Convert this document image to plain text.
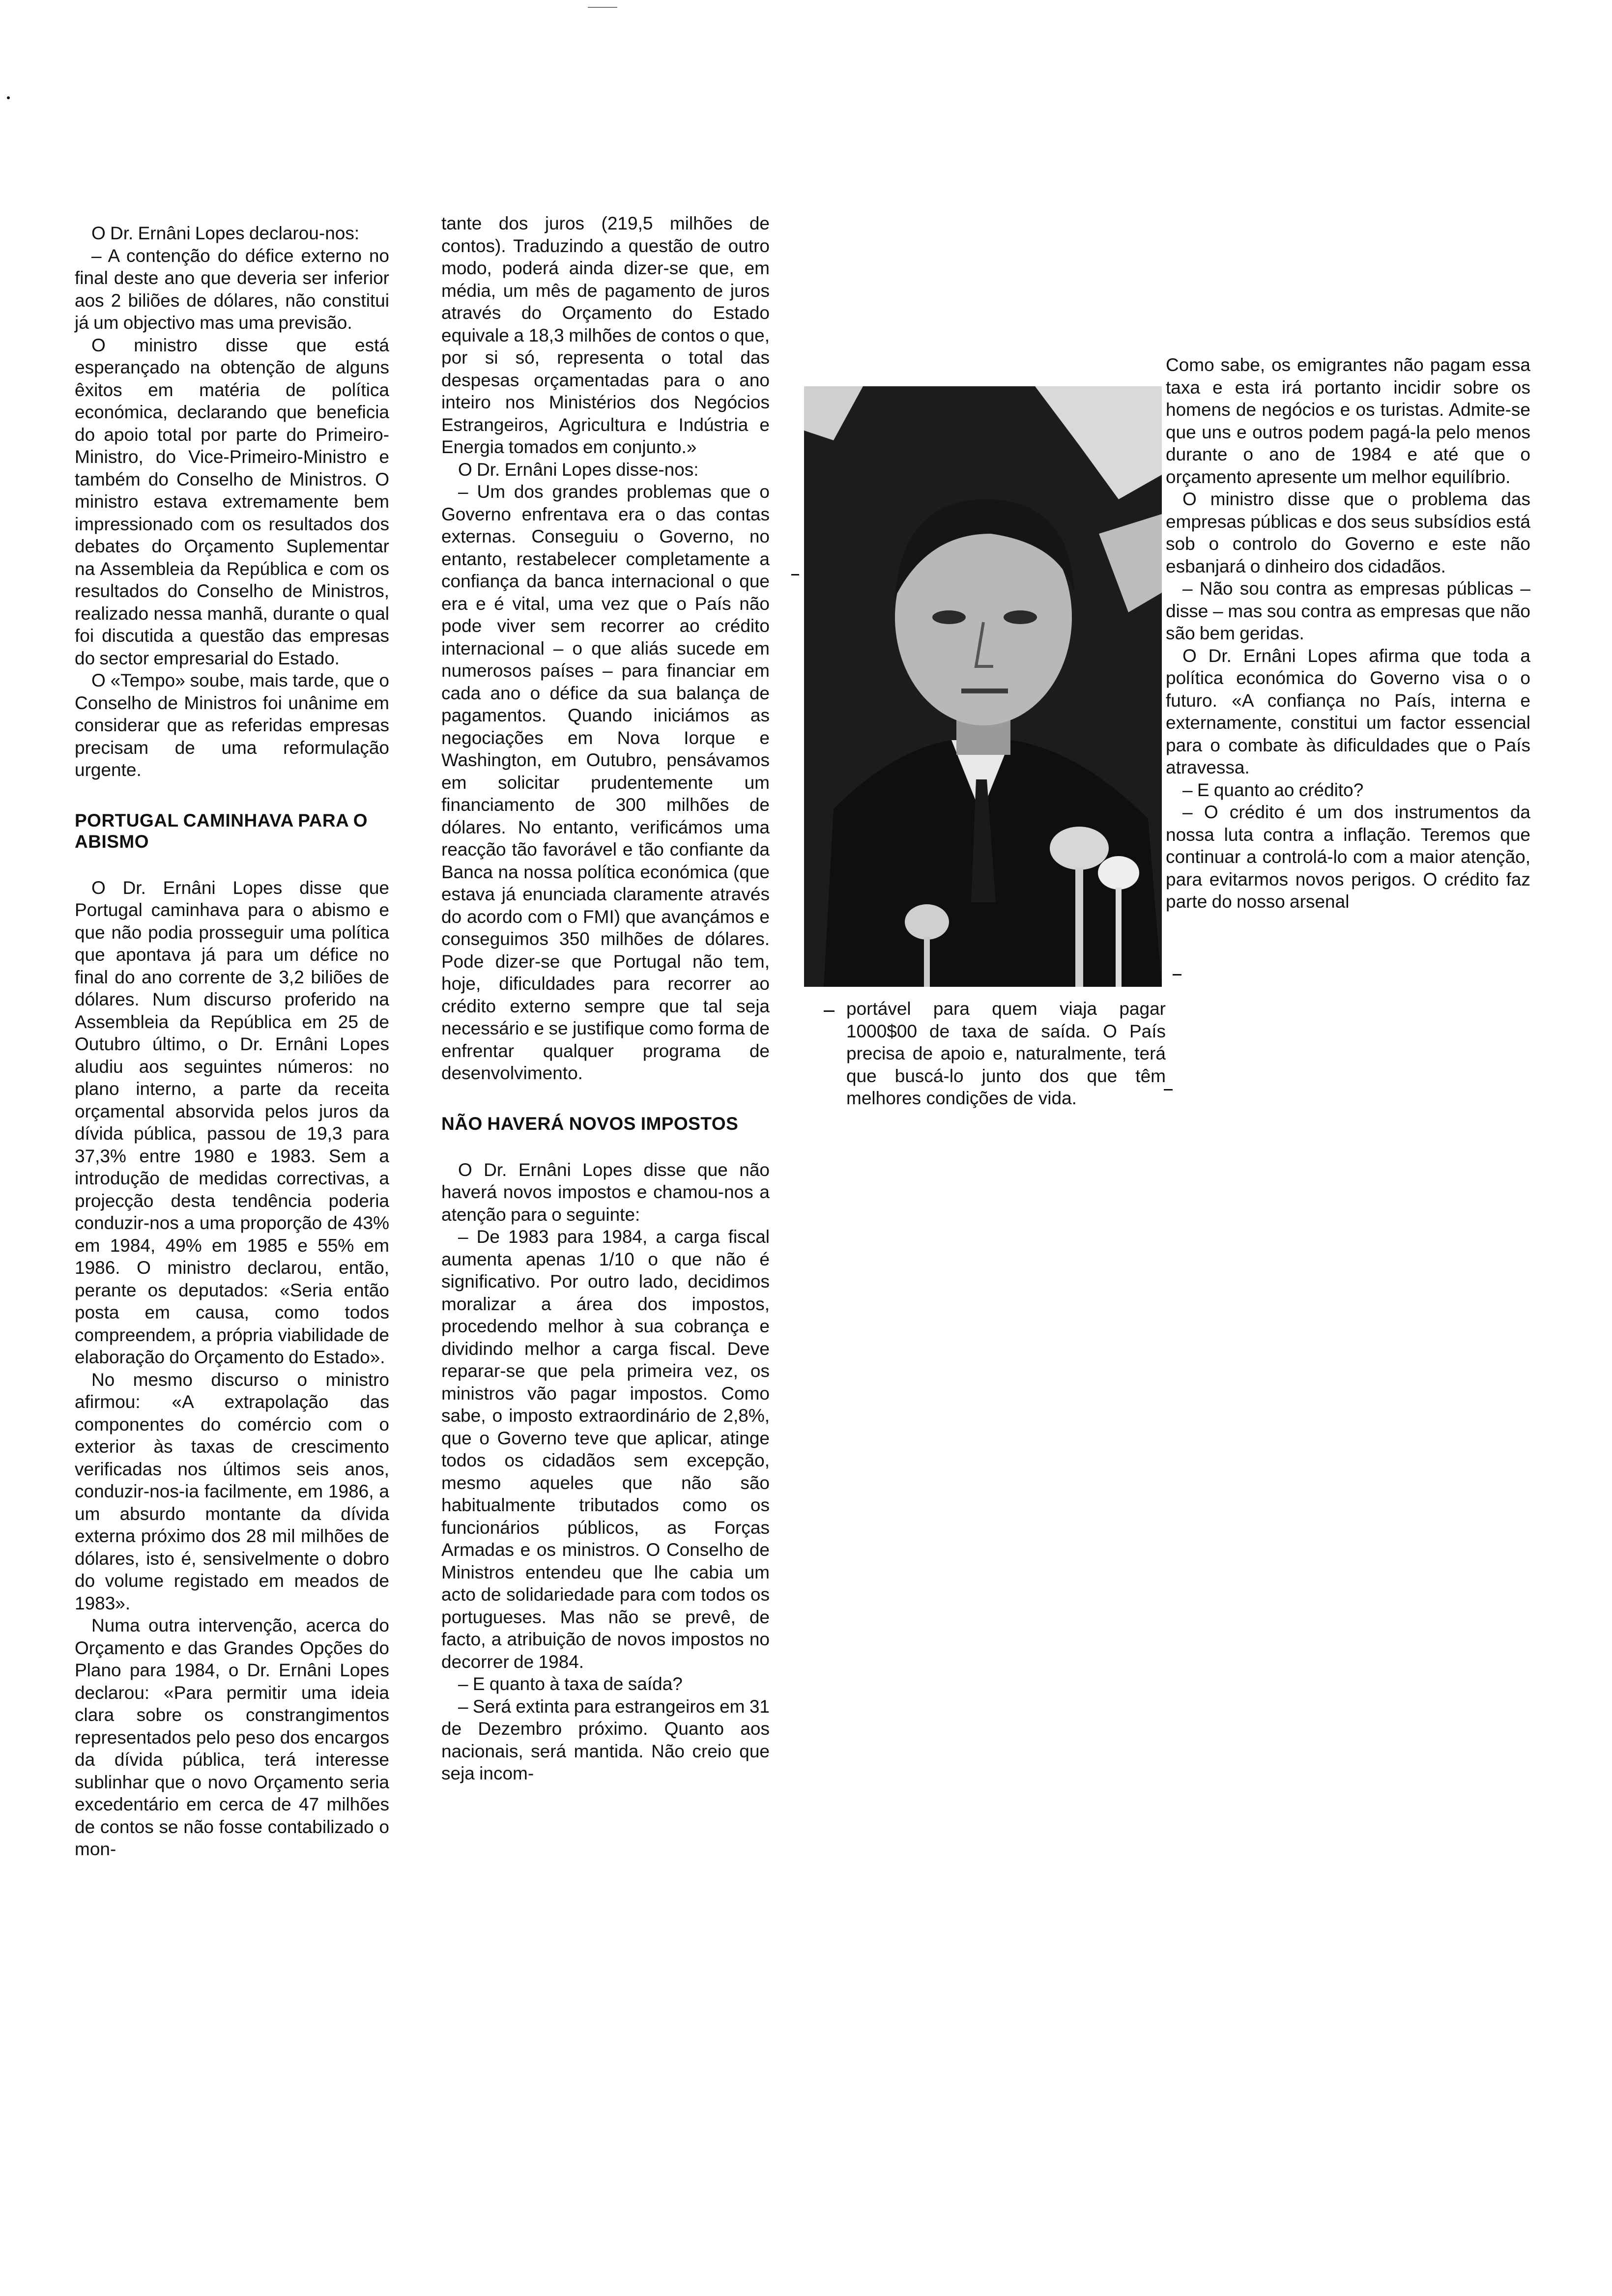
O Dr. Ernâni Lopes declarou-nos:

– A contenção do défice externo no final deste ano que deveria ser inferior aos 2 biliões de dólares, não constitui já um objectivo mas uma previsão.

O ministro disse que está esperançado na obtenção de alguns êxitos em matéria de política económica, declarando que beneficia do apoio total por parte do Primeiro-Ministro, do Vice-Primeiro-Ministro e também do Conselho de Ministros. O ministro estava extremamente bem impressionado com os resultados dos debates do Orçamento Suplementar na Assembleia da República e com os resultados do Conselho de Ministros, realizado nessa manhã, durante o qual foi discutida a questão das empresas do sector empresarial do Estado.

O «Tempo» soube, mais tarde, que o Conselho de Ministros foi unânime em considerar que as referidas empresas precisam de uma reformulação urgente.

PORTUGAL CAMINHAVA PARA O ABISMO

O Dr. Ernâni Lopes disse que Portugal caminhava para o abismo e que não podia prosseguir uma política que apontava já para um défice no final do ano corrente de 3,2 biliões de dólares. Num discurso proferido na Assembleia da República em 25 de Outubro último, o Dr. Ernâni Lopes aludiu aos seguintes números: no plano interno, a parte da receita orçamental absorvida pelos juros da dívida pública, passou de 19,3 para 37,3% entre 1980 e 1983. Sem a introdução de medidas correctivas, a projecção desta tendência poderia conduzir-nos a uma proporção de 43% em 1984, 49% em 1985 e 55% em 1986. O ministro declarou, então, perante os deputados: «Seria então posta em causa, como todos compreendem, a própria viabilidade de elaboração do Orçamento do Estado».

No mesmo discurso o ministro afirmou: «A extrapolação das componentes do comércio com o exterior às taxas de crescimento verificadas nos últimos seis anos, conduzir-nos-ia facilmente, em 1986, a um absurdo montante da dívida externa próximo dos 28 mil milhões de dólares, isto é, sensivelmente o dobro do volume registado em meados de 1983».

Numa outra intervenção, acerca do Orçamento e das Grandes Opções do Plano para 1984, o Dr. Ernâni Lopes declarou: «Para permitir uma ideia clara sobre os constrangimentos representados pelo peso dos encargos da dívida pública, terá interesse sublinhar que o novo Orçamento seria excedentário em cerca de 47 milhões de contos se não fosse contabilizado o mon-

tante dos juros (219,5 milhões de contos). Traduzindo a questão de outro modo, poderá ainda dizer-se que, em média, um mês de pagamento de juros através do Orçamento do Estado equivale a 18,3 milhões de contos o que, por si só, representa o total das despesas orçamentadas para o ano inteiro nos Ministérios dos Negócios Estrangeiros, Agricultura e Indústria e Energia tomados em conjunto.»

O Dr. Ernâni Lopes disse-nos:

– Um dos grandes problemas que o Governo enfrentava era o das contas externas. Conseguiu o Governo, no entanto, restabelecer completamente a confiança da banca internacional o que era e é vital, uma vez que o País não pode viver sem recorrer ao crédito internacional – o que aliás sucede em numerosos países – para financiar em cada ano o défice da sua balança de pagamentos. Quando iniciámos as negociações em Nova Iorque e Washington, em Outubro, pensávamos em solicitar prudentemente um financiamento de 300 milhões de dólares. No entanto, verificámos uma reacção tão favorável e tão confiante da Banca na nossa política económica (que estava já enunciada claramente através do acordo com o FMI) que avançámos e conseguimos 350 milhões de dólares. Pode dizer-se que Portugal não tem, hoje, dificuldades para recorrer ao crédito externo sempre que tal seja necessário e se justifique como forma de enfrentar qualquer programa de desenvolvimento.

NÃO HAVERÁ NOVOS IMPOSTOS

O Dr. Ernâni Lopes disse que não haverá novos impostos e chamou-nos a atenção para o seguinte:

– De 1983 para 1984, a carga fiscal aumenta apenas 1/10 o que não é significativo. Por outro lado, decidimos moralizar a área dos impostos, procedendo melhor à sua cobrança e dividindo melhor a carga fiscal. Deve reparar-se que pela primeira vez, os ministros vão pagar impostos. Como sabe, o imposto extraordinário de 2,8%, que o Governo teve que aplicar, atinge todos os cidadãos sem excepção, mesmo aqueles que não são habitualmente tributados como os funcionários públicos, as Forças Armadas e os ministros. O Conselho de Ministros entendeu que lhe cabia um acto de solidariedade para com todos os portugueses. Mas não se prevê, de facto, a atribuição de novos impostos no decorrer de 1984.

– E quanto à taxa de saída?

– Será extinta para estrangeiros em 31 de Dezembro próximo. Quanto aos nacionais, será mantida. Não creio que seja incom-

portável para quem viaja pagar 1000$00 de taxa de saída. O País precisa de apoio e, naturalmente, terá que buscá-lo junto dos que têm melhores condições de vida.

Como sabe, os emigrantes não pagam essa taxa e esta irá portanto incidir sobre os homens de negócios e os turistas. Admite-se que uns e outros podem pagá-la pelo menos durante o ano de 1984 e até que o orçamento apresente um melhor equilíbrio.

O ministro disse que o problema das empresas públicas e dos seus subsídios está sob o controlo do Governo e este não esbanjará o dinheiro dos cidadãos.

– Não sou contra as empresas públicas – disse – mas sou contra as empresas que não são bem geridas.

O Dr. Ernâni Lopes afirma que toda a política económica do Governo visa o o futuro. «A confiança no País, interna e externamente, constitui um factor essencial para o combate às dificuldades que o País atravessa.

– E quanto ao crédito?

– O crédito é um dos instrumentos da nossa luta contra a inflação. Teremos que continuar a controlá-lo com a maior atenção, para evitarmos novos perigos. O crédito faz parte do nosso arsenal
